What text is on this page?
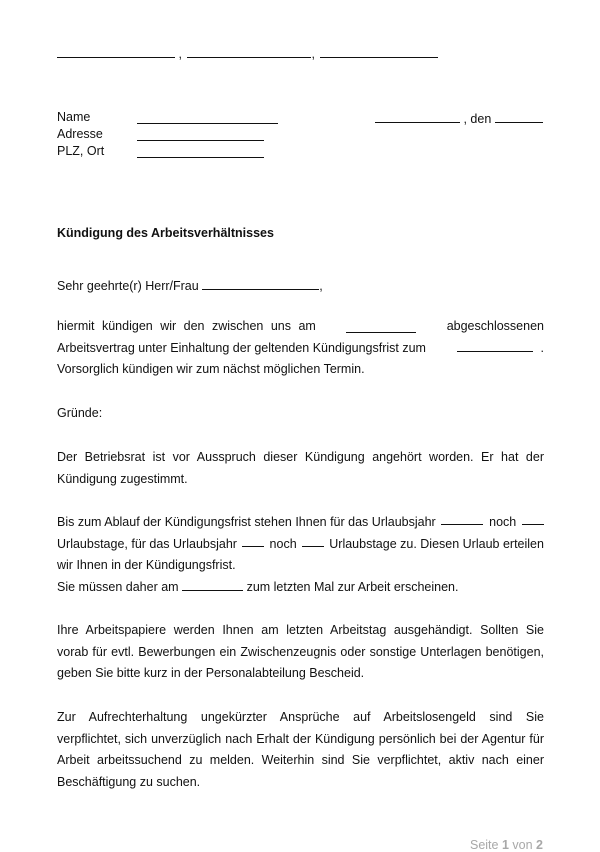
,	,
Name
Adresse
PLZ, Ort
, den
Kündigung des Arbeitsverhältnisses
Sehr geehrte(r) Herr/Frau	,
hiermit kündigen wir den zwischen uns am	abgeschlossenen
Arbeitsvertrag unter Einhaltung der geltenden Kündigungsfrist zum	.
Vorsorglich kündigen wir zum nächst möglichen Termin.
Gründe:
Der Betriebsrat ist vor Ausspruch dieser Kündigung angehört worden. Er hat der
Kündigung zugestimmt.
Bis zum Ablauf der Kündigungsfrist stehen Ihnen für das Urlaubsjahr	noch
Urlaubstage, für das Urlaubsjahr	noch	Urlaubstage zu. Diesen Urlaub erteilen
wir Ihnen in der Kündigungsfrist.
Sie müssen daher am	zum letzten Mal zur Arbeit erscheinen.
Ihre Arbeitspapiere werden Ihnen am letzten Arbeitstag ausgehändigt. Sollten Sie
vorab für evtl. Bewerbungen ein Zwischenzeugnis oder sonstige Unterlagen benötigen,
geben Sie bitte kurz in der Personalabteilung Bescheid.
Zur Aufrechterhaltung ungekürzter Ansprüche auf Arbeitslosengeld sind Sie
verpflichtet, sich unverzüglich nach Erhalt der Kündigung persönlich bei der Agentur für
Arbeit arbeitssuchend zu melden. Weiterhin sind Sie verpflichtet, aktiv nach einer
Beschäftigung zu suchen.
Seite 1 von 2
